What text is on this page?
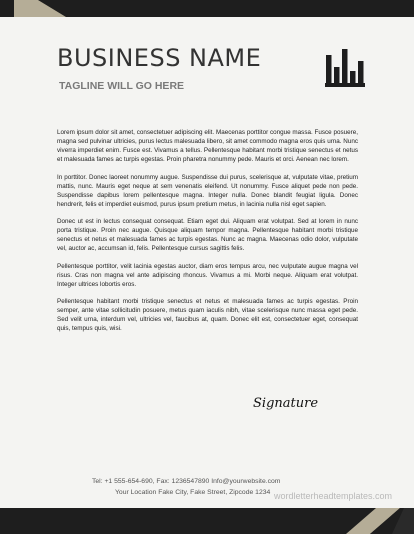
BUSINESS NAME
TAGLINE WILL GO HERE

Lorem ipsum dolor sit amet, consectetuer adipiscing elit. Maecenas porttitor congue massa. Fusce posuere, magna sed pulvinar ultricies, purus lectus malesuada libero, sit amet commodo magna eros quis urna. Nunc viverra imperdiet enim. Fusce est. Vivamus a tellus. Pellentesque habitant morbi tristique senectus et netus et malesuada fames ac turpis egestas. Proin pharetra nonummy pede. Mauris et orci. Aenean nec lorem.

In porttitor. Donec laoreet nonummy augue. Suspendisse dui purus, scelerisque at, vulputate vitae, pretium mattis, nunc. Mauris eget neque at sem venenatis eleifend. Ut nonummy. Fusce aliquet pede non pede. Suspendisse dapibus lorem pellentesque magna. Integer nulla. Donec blandit feugiat ligula. Donec hendrerit, felis et imperdiet euismod, purus ipsum pretium metus, in lacinia nulla nisl eget sapien.

Donec ut est in lectus consequat consequat. Etiam eget dui. Aliquam erat volutpat. Sed at lorem in nunc porta tristique. Proin nec augue. Quisque aliquam tempor magna. Pellentesque habitant morbi tristique senectus et netus et malesuada fames ac turpis egestas. Nunc ac magna. Maecenas odio dolor, vulputate vel, auctor ac, accumsan id, felis. Pellentesque cursus sagittis felis.

Pellentesque porttitor, velit lacinia egestas auctor, diam eros tempus arcu, nec vulputate augue magna vel risus. Cras non magna vel ante adipiscing rhoncus. Vivamus a mi. Morbi neque. Aliquam erat volutpat. Integer ultrices lobortis eros.

Pellentesque habitant morbi tristique senectus et netus et malesuada fames ac turpis egestas. Proin semper, ante vitae sollicitudin posuere, metus quam iaculis nibh, vitae scelerisque nunc massa eget pede. Sed velit urna, interdum vel, ultricies vel, faucibus at, quam. Donec elit est, consectetuer eget, consequat quis, tempus quis, wisi.

Signature
Tel: +1 555-654-690, Fax: 1236547890 Info@yourwebsite.com
Your Location Fake City, Fake Street, Zipcode 1234 wordletterheadtemplates.com
